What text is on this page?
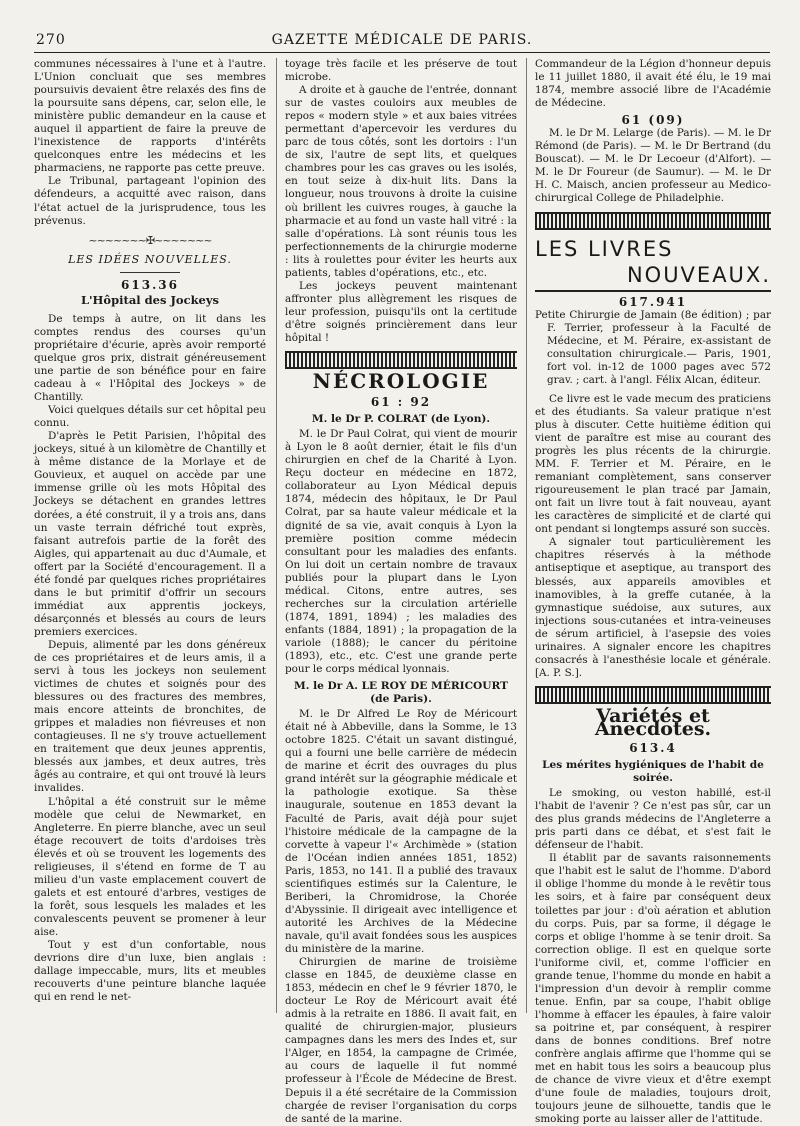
270	GAZETTE MÉDICALE DE PARIS.

communes nécessaires à l'une et à l'autre. L'Union concluait que ses membres poursuivis devaient être relaxés des fins de la poursuite sans dépens, car, selon elle, le ministère public demandeur en la cause et auquel il appartient de faire la preuve de l'inexistence de rapports d'intérêts quelconques entre les médecins et les pharmaciens, ne rapporte pas cette preuve.

Le Tribunal, partageant l'opinion des défendeurs, a acquitté avec raison, dans l'état actuel de la jurisprudence, tous les prévenus.

~~~~~~~✠~~~~~~~

LES IDÉES NOUVELLES.

613.36

L'Hôpital des Jockeys

De temps à autre, on lit dans les comptes rendus des courses qu'un propriétaire d'écurie, après avoir remporté quelque gros prix, distrait généreusement une partie de son bénéfice pour en faire cadeau à « l'Hôpital des Jockeys » de Chantilly.

Voici quelques détails sur cet hôpital peu connu.

D'après le Petit Parisien, l'hôpital des jockeys, situé à un kilomètre de Chantilly et à même distance de la Morlaye et de Gouvieux, et auquel on accède par une immense grille où les mots Hôpital des Jockeys se détachent en grandes lettres dorées, a été construit, il y a trois ans, dans un vaste terrain défriché tout exprès, faisant autrefois partie de la forêt des Aigles, qui appartenait au duc d'Aumale, et offert par la Société d'encouragement. Il a été fondé par quelques riches propriétaires dans le but primitif d'offrir un secours immédiat aux apprentis jockeys, désarçonnés et blessés au cours de leurs premiers exercices.

Depuis, alimenté par les dons généreux de ces propriétaires et de leurs amis, il a servi à tous les jockeys non seulement victimes de chutes et soignés pour des blessures ou des fractures des membres, mais encore atteints de bronchites, de grippes et maladies non fiévreuses et non contagieuses. Il ne s'y trouve actuellement en traitement que deux jeunes apprentis, blessés aux jambes, et deux autres, très âgés au contraire, et qui ont trouvé là leurs invalides.

L'hôpital a été construit sur le même modèle que celui de Newmarket, en Angleterre. En pierre blanche, avec un seul étage recouvert de toits d'ardoises très élevés et où se trouvent les logements des religieuses, il s'étend en forme de T au milieu d'un vaste emplacement couvert de galets et est entouré d'arbres, vestiges de la forêt, sous lesquels les malades et les convalescents peuvent se promener à leur aise.

Tout y est d'un confortable, nous devrions dire d'un luxe, bien anglais : dallage impeccable, murs, lits et meubles recouverts d'une peinture blanche laquée qui en rend le net-

toyage très facile et les préserve de tout microbe.

A droite et à gauche de l'entrée, donnant sur de vastes couloirs aux meubles de repos « modern style » et aux baies vitrées permettant d'apercevoir les verdures du parc de tous côtés, sont les dortoirs : l'un de six, l'autre de sept lits, et quelques chambres pour les cas graves ou les isolés, en tout seize à dix-huit lits. Dans la longueur, nous trouvons à droite la cuisine où brillent les cuivres rouges, à gauche la pharmacie et au fond un vaste hall vitré : la salle d'opérations. Là sont réunis tous les perfectionnements de la chirurgie moderne : lits à roulettes pour éviter les heurts aux patients, tables d'opérations, etc., etc.

Les jockeys peuvent maintenant affronter plus allègrement les risques de leur profession, puisqu'ils ont la certitude d'être soignés princièrement dans leur hôpital !

NÉCROLOGIE

61 : 92

M. le Dr P. COLRAT (de Lyon).

M. le Dr Paul Colrat, qui vient de mourir à Lyon le 8 août dernier, était le fils d'un chirurgien en chef de la Charité à Lyon. Reçu docteur en médecine en 1872, collaborateur au Lyon Médical depuis 1874, médecin des hôpitaux, le Dr Paul Colrat, par sa haute valeur médicale et la dignité de sa vie, avait conquis à Lyon la première position comme médecin consultant pour les maladies des enfants. On lui doit un certain nombre de travaux publiés pour la plupart dans le Lyon médical. Citons, entre autres, ses recherches sur la circulation artérielle (1874, 1891, 1894) ; les maladies des enfants (1884, 1891) ; la propagation de la variole (1888); le cancer du péritoine (1893), etc., etc. C'est une grande perte pour le corps médical lyonnais.

M. le Dr A. LE ROY DE MÉRICOURT (de Paris).

M. le Dr Alfred Le Roy de Méricourt était né à Abbeville, dans la Somme, le 13 octobre 1825. C'était un savant distingué, qui a fourni une belle carrière de médecin de marine et écrit des ouvrages du plus grand intérêt sur la géographie médicale et la pathologie exotique. Sa thèse inaugurale, soutenue en 1853 devant la Faculté de Paris, avait déjà pour sujet l'histoire médicale de la campagne de la corvette à vapeur l'« Archimède » (station de l'Océan indien années 1851, 1852) Paris, 1853, no 141. Il a publié des travaux scientifiques estimés sur la Calenture, le Beriberi, la Chromidrose, la Chorée d'Abyssinie. Il dirigeait avec intelligence et autorité les Archives de la Médecine navale, qu'il avait fondées sous les auspices du ministère de la marine.

Chirurgien de marine de troisième classe en 1845, de deuxième classe en 1853, médecin en chef le 9 février 1870, le docteur Le Roy de Méricourt avait été admis à la retraite en 1886. Il avait fait, en qualité de chirurgien-major, plusieurs campagnes dans les mers des Indes et, sur l'Alger, en 1854, la campagne de Crimée, au cours de laquelle il fut nommé professeur à l'École de Médecine de Brest. Depuis il a été secrétaire de la Commission chargée de reviser l'organisation du corps de santé de la marine.

Commandeur de la Légion d'honneur depuis le 11 juillet 1880, il avait été élu, le 19 mai 1874, membre associé libre de l'Académie de Médecine.

61 (09)

M. le Dr M. Lelarge (de Paris). — M. le Dr Rémond (de Paris). — M. le Dr Bertrand (du Bouscat). — M. le Dr Lecoeur (d'Alfort). — M. le Dr Foureur (de Saumur). — M. le Dr H. C. Maisch, ancien professeur au Medico-chirurgical College de Philadelphie.

LES LIVRES
NOUVEAUX.

617.941

Petite Chirurgie de Jamain (8e édition) ; par F. Terrier, professeur à la Faculté de Médecine, et M. Péraire, ex-assistant de consultation chirurgicale.— Paris, 1901, fort vol. in-12 de 1000 pages avec 572 grav. ; cart. à l'angl. Félix Alcan, éditeur.

Ce livre est le vade mecum des praticiens et des étudiants. Sa valeur pratique n'est plus à discuter. Cette huitième édition qui vient de paraître est mise au courant des progrès les plus récents de la chirurgie. MM. F. Terrier et M. Péraire, en le remaniant complètement, sans conserver rigoureusement le plan tracé par Jamain, ont fait un livre tout à fait nouveau, ayant les caractères de simplicité et de clarté qui ont pendant si longtemps assuré son succès.

A signaler tout particulièrement les chapitres réservés à la méthode antiseptique et aseptique, au transport des blessés, aux appareils amovibles et inamovibles, à la greffe cutanée, à la gymnastique suédoise, aux sutures, aux injections sous-cutanées et intra-veineuses de sérum artificiel, à l'asepsie des voies urinaires. A signaler encore les chapitres consacrés à l'anesthésie locale et générale. [A. P. S.].

Variétés et Anecdotes.

613.4

Les mérites hygiéniques de l'habit de soirée.

Le smoking, ou veston habillé, est-il l'habit de l'avenir ? Ce n'est pas sûr, car un des plus grands médecins de l'Angleterre a pris parti dans ce débat, et s'est fait le défenseur de l'habit.

Il établit par de savants raisonnements que l'habit est le salut de l'homme. D'abord il oblige l'homme du monde à le revêtir tous les soirs, et à faire par conséquent deux toilettes par jour : d'où aération et ablution du corps. Puis, par sa forme, il dégage le corps et oblige l'homme à se tenir droit. Sa correction oblige. Il est en quelque sorte l'uniforme civil, et, comme l'officier en grande tenue, l'homme du monde en habit a l'impression d'un devoir à remplir comme tenue. Enfin, par sa coupe, l'habit oblige l'homme à effacer les épaules, à faire valoir sa poitrine et, par conséquent, à respirer dans de bonnes conditions. Bref notre confrère anglais affirme que l'homme qui se met en habit tous les soirs a beaucoup plus de chance de vivre vieux et d'être exempt d'une foule de maladies, toujours droit, toujours jeune de silhouette, tandis que le smoking porte au laisser aller de l'attitude.
